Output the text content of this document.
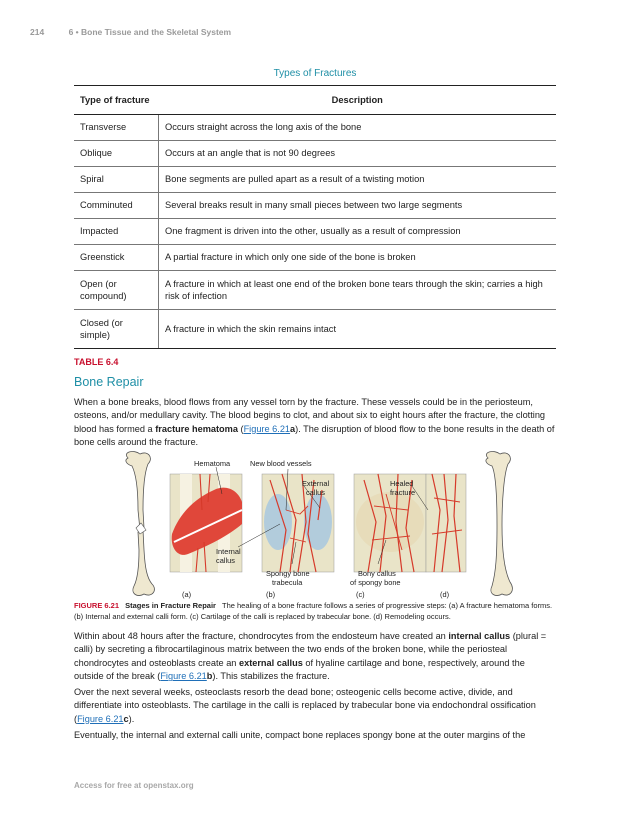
214	6 • Bone Tissue and the Skeletal System
Types of Fractures
Type of fracture	Description
Transverse	Occurs straight across the long axis of the bone
Oblique	Occurs at an angle that is not 90 degrees
Spiral	Bone segments are pulled apart as a result of a twisting motion
Comminuted	Several breaks result in many small pieces between two large segments
Impacted	One fragment is driven into the other, usually as a result of compression
Greenstick	A partial fracture in which only one side of the bone is broken
Open (or compound)	A fracture in which at least one end of the broken bone tears through the skin; carries a high risk of infection
Closed (or simple)	A fracture in which the skin remains intact
TABLE 6.4
Bone Repair

When a bone breaks, blood flows from any vessel torn by the fracture. These vessels could be in the periosteum, osteons, and/or medullary cavity. The blood begins to clot, and about six to eight hours after the fracture, the clotting blood has formed a fracture hematoma (Figure 6.21a). The disruption of blood flow to the bone results in the death of bone cells around the fracture.

Hematoma	New blood vessels
External
callus
Healed
fracture
Internal
callus
Spongy bone
trabecula
Bony callus
of spongy bone
(a)	(b)	(c)	(d)
FIGURE 6.21 Stages in Fracture Repair The healing of a bone fracture follows a series of progressive steps: (a) A fracture hematoma forms. (b) Internal and external calli form. (c) Cartilage of the calli is replaced by trabecular bone. (d) Remodeling occurs.

Within about 48 hours after the fracture, chondrocytes from the endosteum have created an internal callus (plural = calli) by secreting a fibrocartilaginous matrix between the two ends of the broken bone, while the periosteal chondrocytes and osteoblasts create an external callus of hyaline cartilage and bone, respectively, around the outside of the break (Figure 6.21b). This stabilizes the fracture.

Over the next several weeks, osteoclasts resorb the dead bone; osteogenic cells become active, divide, and differentiate into osteoblasts. The cartilage in the calli is replaced by trabecular bone via endochondral ossification (Figure 6.21c).

Eventually, the internal and external calli unite, compact bone replaces spongy bone at the outer margins of the

Access for free at openstax.org
